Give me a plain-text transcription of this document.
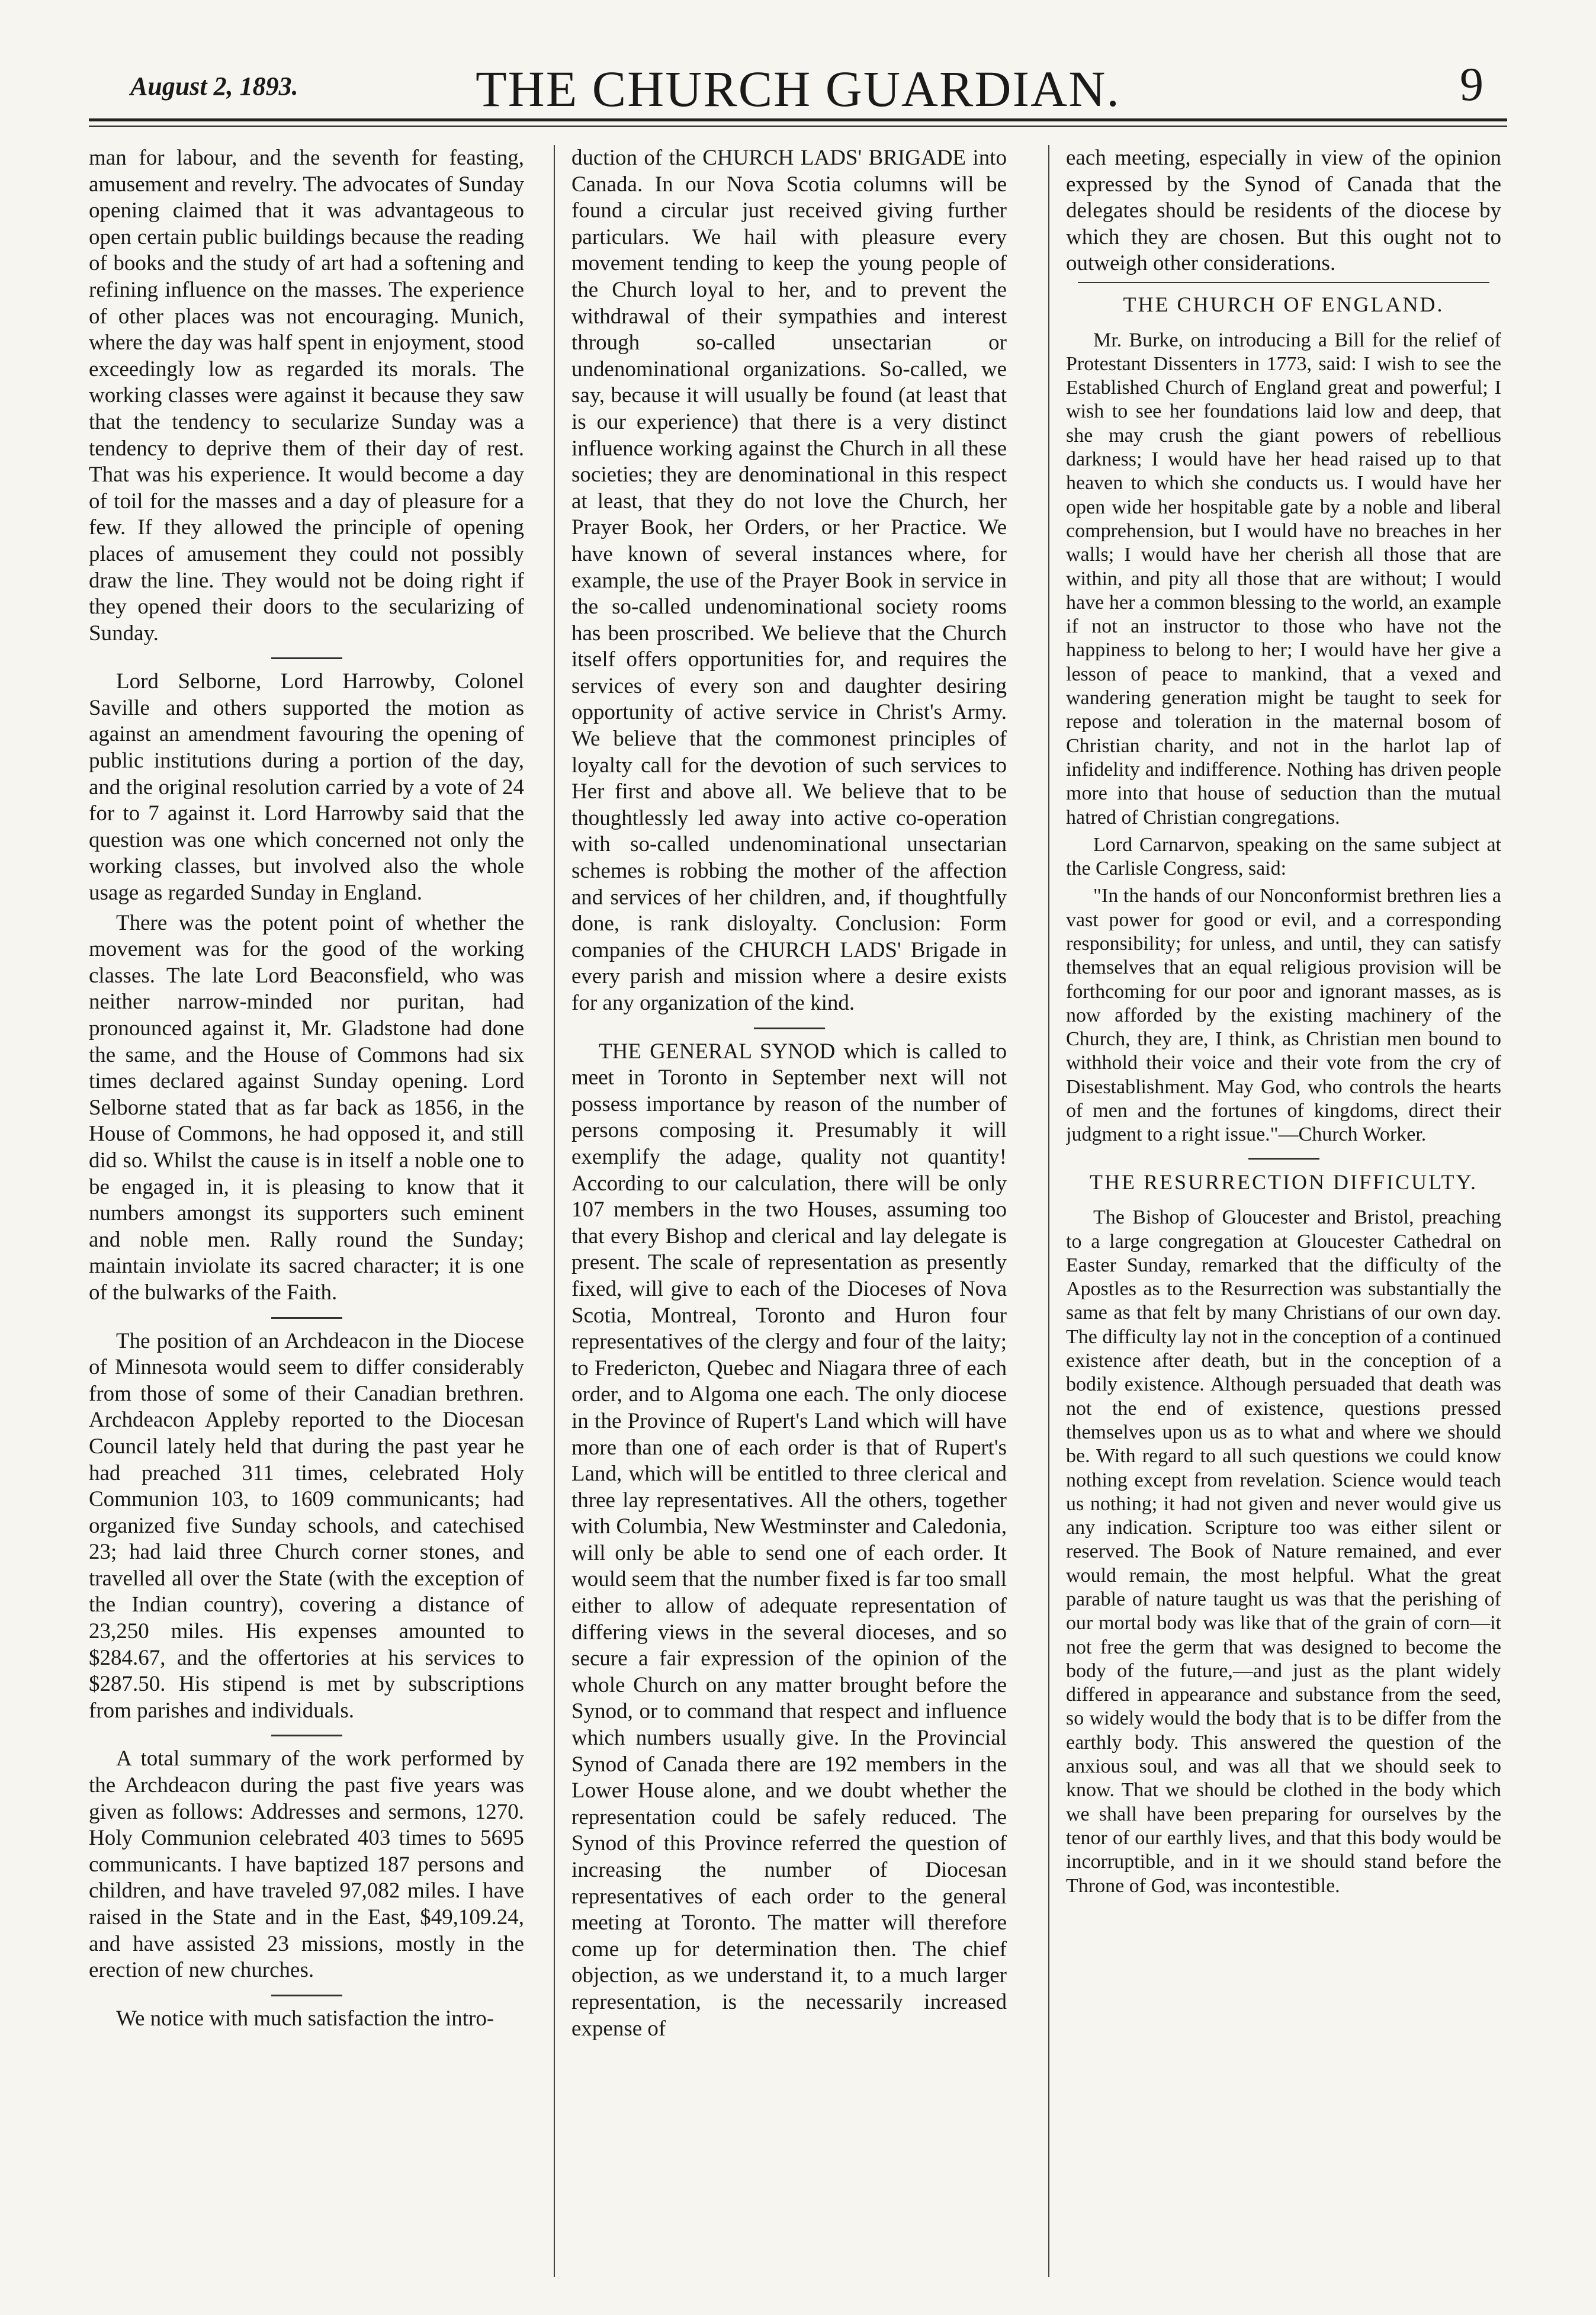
August 2, 1893.	THE CHURCH GUARDIAN.	9

man for labour, and the seventh for feasting, amusement and revelry. The advocates of Sunday opening claimed that it was advantageous to open certain public buildings because the reading of books and the study of art had a softening and refining influence on the masses. The experience of other places was not encouraging. Munich, where the day was half spent in enjoyment, stood exceedingly low as regarded its morals. The working classes were against it because they saw that the tendency to secularize Sunday was a tendency to deprive them of their day of rest. That was his experience. It would become a day of toil for the masses and a day of pleasure for a few. If they allowed the principle of opening places of amusement they could not possibly draw the line. They would not be doing right if they opened their doors to the secularizing of Sunday.

Lord Selborne, Lord Harrowby, Colonel Saville and others supported the motion as against an amendment favouring the opening of public institutions during a portion of the day, and the original resolution carried by a vote of 24 for to 7 against it. Lord Harrowby said that the question was one which concerned not only the working classes, but involved also the whole usage as regarded Sunday in England.

There was the potent point of whether the movement was for the good of the working classes. The late Lord Beaconsfield, who was neither narrow-minded nor puritan, had pronounced against it, Mr. Gladstone had done the same, and the House of Commons had six times declared against Sunday opening. Lord Selborne stated that as far back as 1856, in the House of Commons, he had opposed it, and still did so. Whilst the cause is in itself a noble one to be engaged in, it is pleasing to know that it numbers amongst its supporters such eminent and noble men. Rally round the Sunday; maintain inviolate its sacred character; it is one of the bulwarks of the Faith.

The position of an Archdeacon in the Diocese of Minnesota would seem to differ considerably from those of some of their Canadian brethren. Archdeacon Appleby reported to the Diocesan Council lately held that during the past year he had preached 311 times, celebrated Holy Communion 103, to 1609 communicants; had organized five Sunday schools, and catechised 23; had laid three Church corner stones, and travelled all over the State (with the exception of the Indian country), covering a distance of 23,250 miles. His expenses amounted to $284.67, and the offertories at his services to $287.50. His stipend is met by subscriptions from parishes and individuals.

A total summary of the work performed by the Archdeacon during the past five years was given as follows: Addresses and sermons, 1270. Holy Communion celebrated 403 times to 5695 communicants. I have baptized 187 persons and children, and have traveled 97,082 miles. I have raised in the State and in the East, $49,109.24, and have assisted 23 missions, mostly in the erection of new churches.

We notice with much satisfaction the intro-

duction of the CHURCH LADS' BRIGADE into Canada. In our Nova Scotia columns will be found a circular just received giving further particulars. We hail with pleasure every movement tending to keep the young people of the Church loyal to her, and to prevent the withdrawal of their sympathies and interest through so-called unsectarian or undenominational organizations. So-called, we say, because it will usually be found (at least that is our experience) that there is a very distinct influence working against the Church in all these societies; they are denominational in this respect at least, that they do not love the Church, her Prayer Book, her Orders, or her Practice. We have known of several instances where, for example, the use of the Prayer Book in service in the so-called undenominational society rooms has been proscribed. We believe that the Church itself offers opportunities for, and requires the services of every son and daughter desiring opportunity of active service in Christ's Army. We believe that the commonest principles of loyalty call for the devotion of such services to Her first and above all. We believe that to be thoughtlessly led away into active co-operation with so-called undenominational unsectarian schemes is robbing the mother of the affection and services of her children, and, if thoughtfully done, is rank disloyalty. Conclusion: Form companies of the CHURCH LADS' Brigade in every parish and mission where a desire exists for any organization of the kind.

THE GENERAL SYNOD which is called to meet in Toronto in September next will not possess importance by reason of the number of persons composing it. Presumably it will exemplify the adage, quality not quantity! According to our calculation, there will be only 107 members in the two Houses, assuming too that every Bishop and clerical and lay delegate is present. The scale of representation as presently fixed, will give to each of the Dioceses of Nova Scotia, Montreal, Toronto and Huron four representatives of the clergy and four of the laity; to Fredericton, Quebec and Niagara three of each order, and to Algoma one each. The only diocese in the Province of Rupert's Land which will have more than one of each order is that of Rupert's Land, which will be entitled to three clerical and three lay representatives. All the others, together with Columbia, New Westminster and Caledonia, will only be able to send one of each order. It would seem that the number fixed is far too small either to allow of adequate representation of differing views in the several dioceses, and so secure a fair expression of the opinion of the whole Church on any matter brought before the Synod, or to command that respect and influence which numbers usually give. In the Provincial Synod of Canada there are 192 members in the Lower House alone, and we doubt whether the representation could be safely reduced. The Synod of this Province referred the question of increasing the number of Diocesan representatives of each order to the general meeting at Toronto. The matter will therefore come up for determination then. The chief objection, as we understand it, to a much larger representation, is the necessarily increased expense of

each meeting, especially in view of the opinion expressed by the Synod of Canada that the delegates should be residents of the diocese by which they are chosen. But this ought not to outweigh other considerations.

THE CHURCH OF ENGLAND.

Mr. Burke, on introducing a Bill for the relief of Protestant Dissenters in 1773, said: I wish to see the Established Church of England great and powerful; I wish to see her foundations laid low and deep, that she may crush the giant powers of rebellious darkness; I would have her head raised up to that heaven to which she conducts us. I would have her open wide her hospitable gate by a noble and liberal comprehension, but I would have no breaches in her walls; I would have her cherish all those that are within, and pity all those that are without; I would have her a common blessing to the world, an example if not an instructor to those who have not the happiness to belong to her; I would have her give a lesson of peace to mankind, that a vexed and wandering generation might be taught to seek for repose and toleration in the maternal bosom of Christian charity, and not in the harlot lap of infidelity and indifference. Nothing has driven people more into that house of seduction than the mutual hatred of Christian congregations.

Lord Carnarvon, speaking on the same subject at the Carlisle Congress, said:

"In the hands of our Nonconformist brethren lies a vast power for good or evil, and a corresponding responsibility; for unless, and until, they can satisfy themselves that an equal religious provision will be forthcoming for our poor and ignorant masses, as is now afforded by the existing machinery of the Church, they are, I think, as Christian men bound to withhold their voice and their vote from the cry of Disestablishment. May God, who controls the hearts of men and the fortunes of kingdoms, direct their judgment to a right issue."—Church Worker.

THE RESURRECTION DIFFICULTY.

The Bishop of Gloucester and Bristol, preaching to a large congregation at Gloucester Cathedral on Easter Sunday, remarked that the difficulty of the Apostles as to the Resurrection was substantially the same as that felt by many Christians of our own day. The difficulty lay not in the conception of a continued existence after death, but in the conception of a bodily existence. Although persuaded that death was not the end of existence, questions pressed themselves upon us as to what and where we should be. With regard to all such questions we could know nothing except from revelation. Science would teach us nothing; it had not given and never would give us any indication. Scripture too was either silent or reserved. The Book of Nature remained, and ever would remain, the most helpful. What the great parable of nature taught us was that the perishing of our mortal body was like that of the grain of corn—it not free the germ that was designed to become the body of the future,—and just as the plant widely differed in appearance and substance from the seed, so widely would the body that is to be differ from the earthly body. This answered the question of the anxious soul, and was all that we should seek to know. That we should be clothed in the body which we shall have been preparing for ourselves by the tenor of our earthly lives, and that this body would be incorruptible, and in it we should stand before the Throne of God, was incontestible.
